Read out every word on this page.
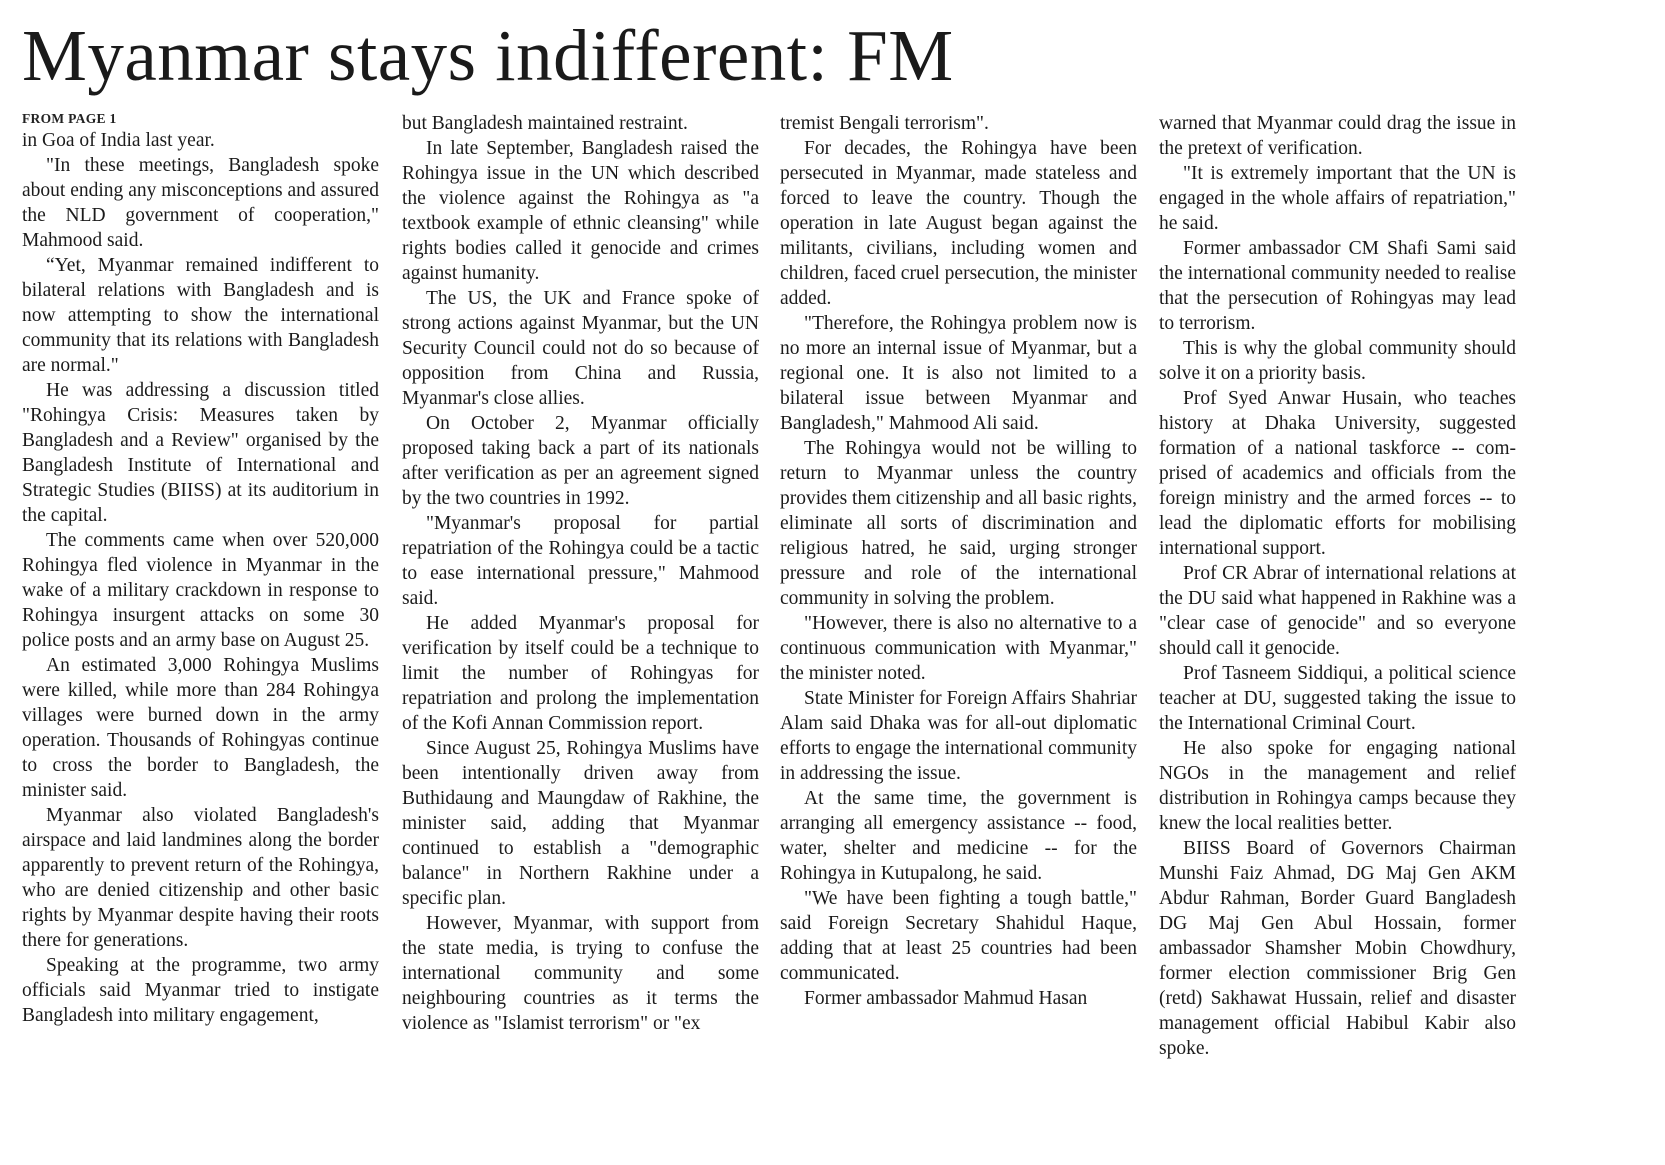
Myanmar stays indifferent: FM
FROM PAGE 1

in Goa of India last year.

"In these meetings, Bangladesh spoke about ending any misconceptions and assured the NLD government of cooperation," Mahmood said.

“Yet, Myanmar remained indifferent to bilateral relations with Bangladesh and is now attempting to show the international community that its relations with Bangladesh are normal."

He was addressing a discussion titled "Rohingya Crisis: Measures taken by Bangladesh and a Review" organised by the Bangladesh Institute of International and Strategic Studies (BIISS) at its auditorium in the capital.

The comments came when over 520,000 Rohingya fled violence in Myanmar in the wake of a military crackdown in response to Rohingya insurgent attacks on some 30 police posts and an army base on August 25.

An estimated 3,000 Rohingya Muslims were killed, while more than 284 Rohingya villages were burned down in the army operation. Thousands of Rohingyas continue to cross the border to Bangladesh, the minister said.

Myanmar also violated Bangladesh's airspace and laid landmines along the border apparently to prevent return of the Rohingya, who are denied citizenship and other basic rights by Myanmar despite having their roots there for generations.

Speaking at the programme, two army officials said Myanmar tried to instigate Bangladesh into military engagement,

but Bangladesh maintained restraint.

In late September, Bangladesh raised the Rohingya issue in the UN which described the violence against the Rohingya as "a textbook example of ethnic cleansing" while rights bodies called it genocide and crimes against humanity.

The US, the UK and France spoke of strong actions against Myanmar, but the UN Security Council could not do so because of opposition from China and Russia, Myanmar's close allies.

On October 2, Myanmar officially proposed taking back a part of its nationals after verification as per an agreement signed by the two countries in 1992.

"Myanmar's proposal for partial repatriation of the Rohingya could be a tactic to ease international pressure," Mahmood said.

He added Myanmar's proposal for verification by itself could be a technique to limit the number of Rohingyas for repatriation and prolong the implementation of the Kofi Annan Commission report.

Since August 25, Rohingya Muslims have been intentionally driven away from Buthidaung and Maungdaw of Rakhine, the minister said, adding that Myanmar continued to establish a "demographic balance" in Northern Rakhine under a specific plan.

However, Myanmar, with support from the state media, is trying to confuse the international community and some neighbouring countries as it terms the violence as "Islamist terrorism" or "ex

tremist Bengali terrorism".

For decades, the Rohingya have been persecuted in Myanmar, made stateless and forced to leave the country. Though the operation in late August began against the militants, civilians, including women and children, faced cruel persecution, the minister added.

"Therefore, the Rohingya problem now is no more an internal issue of Myanmar, but a regional one. It is also not limited to a bilateral issue between Myanmar and Bangladesh," Mahmood Ali said.

The Rohingya would not be willing to return to Myanmar unless the country provides them citizenship and all basic rights, eliminate all sorts of discrimination and religious hatred, he said, urging stronger pressure and role of the international community in solving the problem.

"However, there is also no alternative to a continuous communication with Myanmar," the minister noted.

State Minister for Foreign Affairs Shahriar Alam said Dhaka was for all-out diplomatic efforts to engage the international community in addressing the issue.

At the same time, the government is arranging all emergency assistance -- food, water, shelter and medicine -- for the Rohingya in Kutupalong, he said.

"We have been fighting a tough battle," said Foreign Secretary Shahidul Haque, adding that at least 25 countries had been communicated.

Former ambassador Mahmud Hasan

warned that Myanmar could drag the issue in the pretext of verification.

"It is extremely important that the UN is engaged in the whole affairs of repatriation," he said.

Former ambassador CM Shafi Sami said the international community needed to realise that the persecution of Rohingyas may lead to terrorism.

This is why the global community should solve it on a priority basis.

Prof Syed Anwar Husain, who teaches history at Dhaka University, suggested formation of a national taskforce -- comprised of academics and officials from the foreign ministry and the armed forces -- to lead the diplomatic efforts for mobilising international support.

Prof CR Abrar of international relations at the DU said what happened in Rakhine was a "clear case of genocide" and so everyone should call it genocide.

Prof Tasneem Siddiqui, a political science teacher at DU, suggested taking the issue to the International Criminal Court.

He also spoke for engaging national NGOs in the management and relief distribution in Rohingya camps because they knew the local realities better.

BIISS Board of Governors Chairman Munshi Faiz Ahmad, DG Maj Gen AKM Abdur Rahman, Border Guard Bangladesh DG Maj Gen Abul Hossain, former ambassador Shamsher Mobin Chowdhury, former election commissioner Brig Gen (retd) Sakhawat Hussain, relief and disaster management official Habibul Kabir also spoke.
